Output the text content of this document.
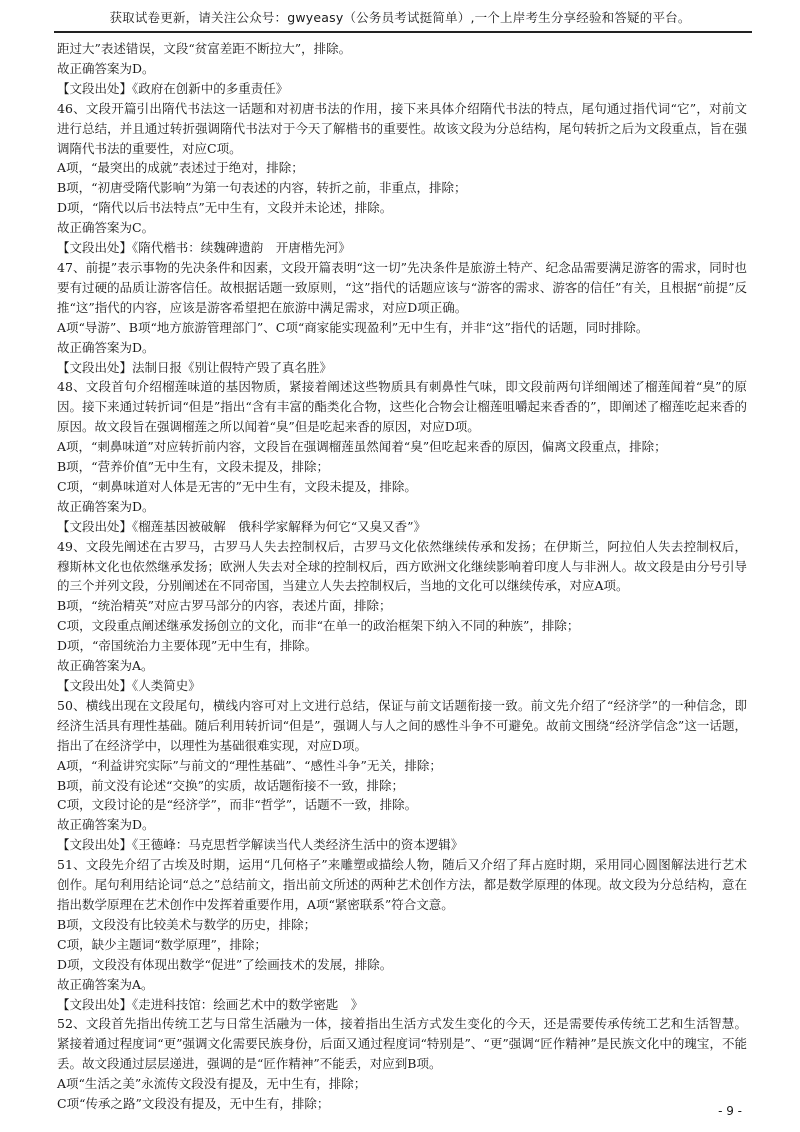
获取试卷更新，请关注公众号：gwyeasy（公务员考试挺简单）,一个上岸考生分享经验和答疑的平台。

距过大”表述错误，文段“贫富差距不断拉大”，排除。

故正确答案为D。

【文段出处】《政府在创新中的多重责任》

46、文段开篇引出隋代书法这一话题和对初唐书法的作用，接下来具体介绍隋代书法的特点，尾句通过指代词“它”，对前文进行总结，并且通过转折强调隋代书法对于今天了解楷书的重要性。故该文段为分总结构，尾句转折之后为文段重点，旨在强调隋代书法的重要性，对应C项。

A项，“最突出的成就”表述过于绝对，排除；

B项，“初唐受隋代影响”为第一句表述的内容，转折之前，非重点，排除；

D项，“隋代以后书法特点”无中生有，文段并未论述，排除。

故正确答案为C。

【文段出处】《隋代楷书：续魏碑遗韵　开唐楷先河》

47、前提”表示事物的先决条件和因素，文段开篇表明“这一切”先决条件是旅游土特产、纪念品需要满足游客的需求，同时也要有过硬的品质让游客信任。故根据话题一致原则，“这”指代的话题应该与“游客的需求、游客的信任”有关，且根据“前提”反推“这”指代的内容，应该是游客希望把在旅游中满足需求，对应D项正确。

A项“导游”、B项“地方旅游管理部门”、C项“商家能实现盈利”无中生有，并非“这”指代的话题，同时排除。

故正确答案为D。

【文段出处】法制日报《别让假特产毁了真名胜》

48、文段首句介绍榴莲味道的基因物质，紧接着阐述这些物质具有刺鼻性气味，即文段前两句详细阐述了榴莲闻着“臭”的原因。接下来通过转折词“但是”指出“含有丰富的酯类化合物，这些化合物会让榴莲咀嚼起来香香的”，即阐述了榴莲吃起来香的原因。故文段旨在强调榴莲之所以闻着“臭”但是吃起来香的原因，对应D项。

A项，“刺鼻味道”对应转折前内容，文段旨在强调榴莲虽然闻着“臭”但吃起来香的原因，偏离文段重点，排除；

B项，“营养价值”无中生有，文段未提及，排除；

C项，“刺鼻味道对人体是无害的”无中生有，文段未提及，排除。

故正确答案为D。

【文段出处】《榴莲基因被破解　俄科学家解释为何它“又臭又香”》

49、文段先阐述在古罗马，古罗马人失去控制权后，古罗马文化依然继续传承和发扬；在伊斯兰，阿拉伯人失去控制权后，穆斯林文化也依然继承发扬；欧洲人失去对全球的控制权后，西方欧洲文化继续影响着印度人与非洲人。故文段是由分号引导的三个并列文段，分别阐述在不同帝国，当建立人失去控制权后，当地的文化可以继续传承，对应A项。

B项，“统治精英”对应古罗马部分的内容，表述片面，排除；

C项，文段重点阐述继承发扬创立的文化，而非“在单一的政治框架下纳入不同的种族”，排除；

D项，“帝国统治力主要体现”无中生有，排除。

故正确答案为A。

【文段出处】《人类简史》

50、横线出现在文段尾句，横线内容可对上文进行总结，保证与前文话题衔接一致。前文先介绍了“经济学”的一种信念，即经济生活具有理性基础。随后利用转折词“但是”，强调人与人之间的感性斗争不可避免。故前文围绕“经济学信念”这一话题，指出了在经济学中，以理性为基础很难实现，对应D项。

A项，“利益讲究实际”与前文的“理性基础”、“感性斗争”无关，排除；

B项，前文没有论述“交换”的实质，故话题衔接不一致，排除；

C项，文段讨论的是“经济学”，而非“哲学”，话题不一致，排除。

故正确答案为D。

【文段出处】《王德峰：马克思哲学解读当代人类经济生活中的资本逻辑》

51、文段先介绍了古埃及时期，运用“几何格子”来雕塑或描绘人物，随后又介绍了拜占庭时期，采用同心圆图解法进行艺术创作。尾句利用结论词“总之”总结前文，指出前文所述的两种艺术创作方法，都是数学原理的体现。故文段为分总结构，意在指出数学原理在艺术创作中发挥着重要作用，A项“紧密联系”符合文意。

B项，文段没有比较美术与数学的历史，排除；

C项，缺少主题词“数学原理”，排除；

D项，文段没有体现出数学“促进”了绘画技术的发展，排除。

故正确答案为A。

【文段出处】《走进科技馆：绘画艺术中的数学密匙　》

52、文段首先指出传统工艺与日常生活融为一体，接着指出生活方式发生变化的今天，还是需要传承传统工艺和生活智慧。紧接着通过程度词“更”强调文化需要民族身份，后面又通过程度词“特别是”、“更”强调“匠作精神”是民族文化中的瑰宝，不能丢。故文段通过层层递进，强调的是“匠作精神”不能丢，对应到B项。

A项“生活之美”永流传文段没有提及，无中生有，排除；

C项“传承之路”文段没有提及，无中生有，排除；	- 9 -
